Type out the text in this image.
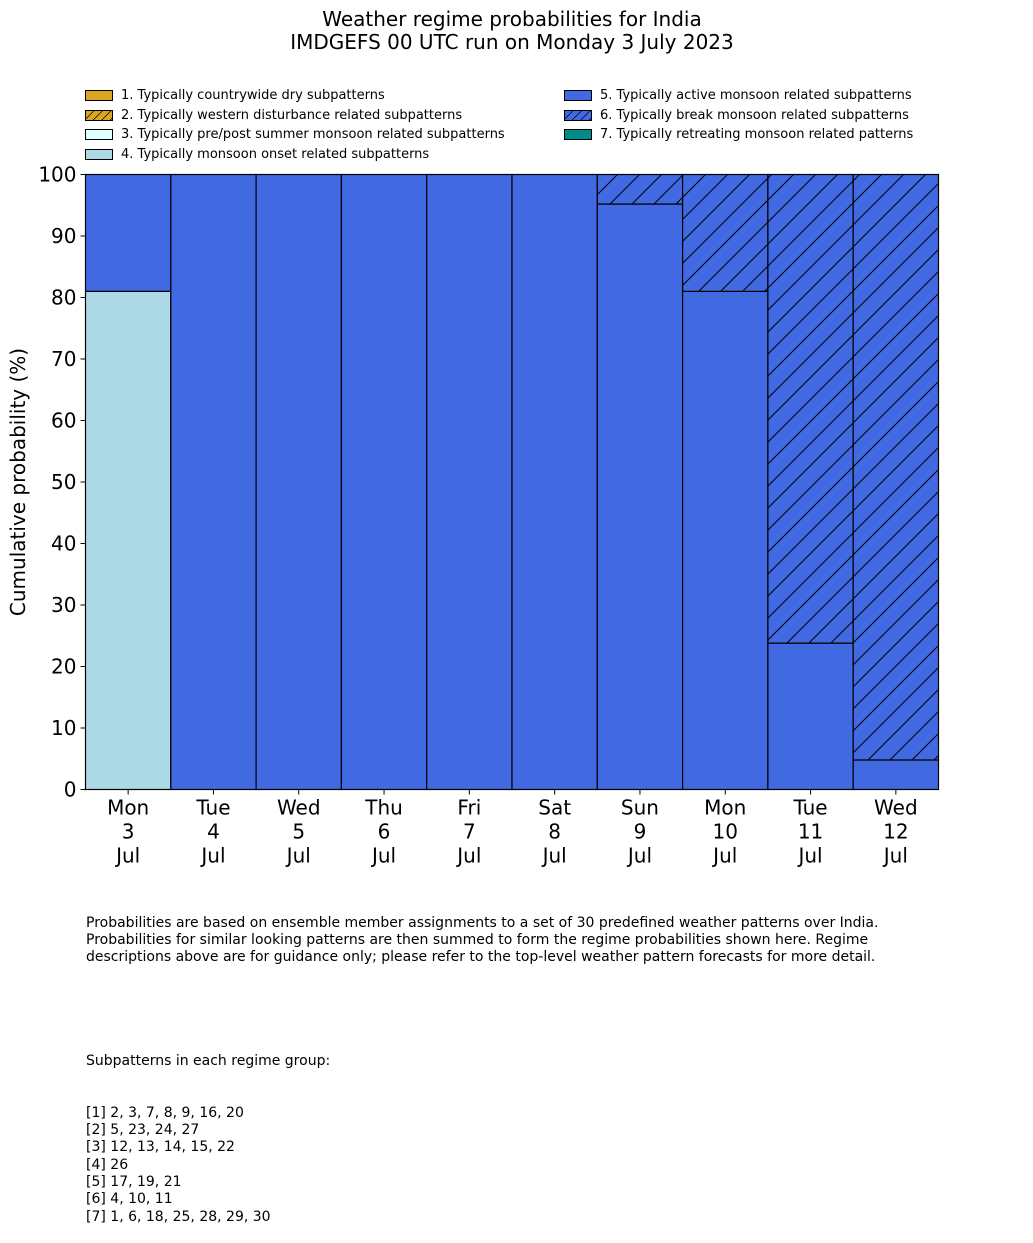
Weather regime probabilities for India
IMDGEFS 00 UTC run on Monday 3 July 2023
0
10
20
30
40
50
60
70
80
90
100
Mon
3
Jul
Tue
4
Jul
Wed
5
Jul
Thu
6
Jul
Fri
7
Jul
Sat
8
Jul
Sun
9
Jul
Mon
10
Jul
Tue
11
Jul
Wed
12
Jul
Cumulative probability (%)
1. Typically countrywide dry subpatterns
2. Typically western disturbance related subpatterns
3. Typically pre/post summer monsoon related subpatterns
4. Typically monsoon onset related subpatterns
5. Typically active monsoon related subpatterns
6. Typically break monsoon related subpatterns
7. Typically retreating monsoon related patterns

Probabilities are based on ensemble member assignments to a set of 30 predefined weather patterns over India.
Probabilities for similar looking patterns are then summed to form the regime probabilities shown here. Regime
descriptions above are for guidance only; please refer to the top-level weather pattern forecasts for more detail.

Subpatterns in each regime group:

[1] 2, 3, 7, 8, 9, 16, 20
[2] 5, 23, 24, 27
[3] 12, 13, 14, 15, 22
[4] 26
[5] 17, 19, 21
[6] 4, 10, 11
[7] 1, 6, 18, 25, 28, 29, 30
